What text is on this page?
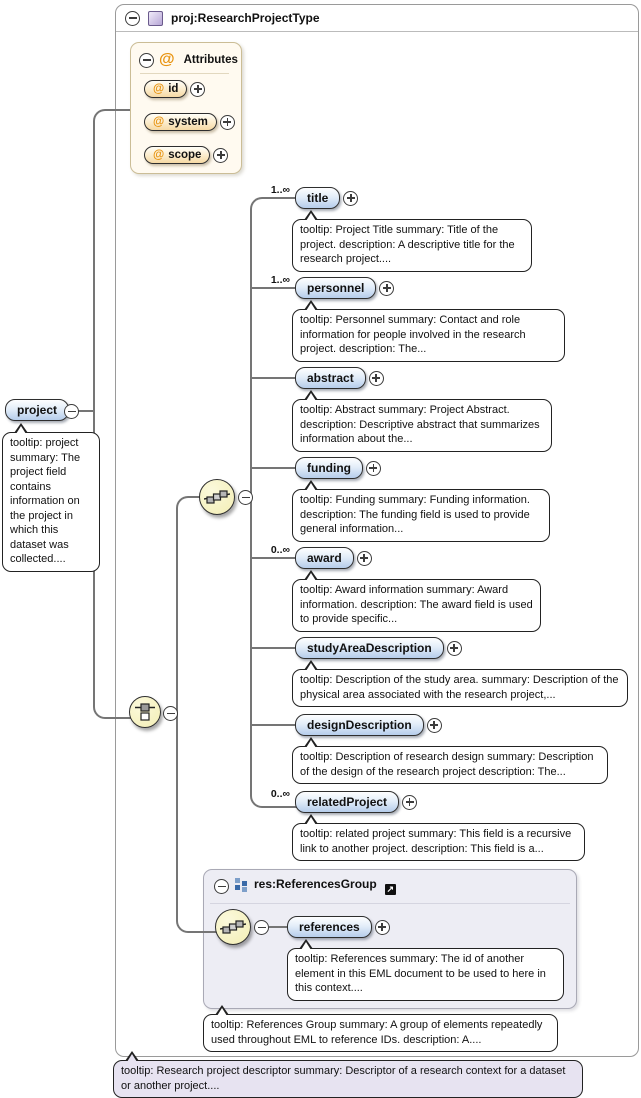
proj:ResearchProjectType
res:ReferencesGroup ↗
@ Attributes
@ id
@ system
@ scope
project
tooltip: project summary: The project field contains information on the project in which this dataset was collected....
1..∞
title
tooltip: Project Title summary: Title of the project. description: A descriptive title for the research project....
1..∞
personnel
tooltip: Personnel summary: Contact and role information for people involved in the research project. description: The...
abstract
tooltip: Abstract summary: Project Abstract. description: Descriptive abstract that summarizes information about the...
funding
tooltip: Funding summary: Funding information. description: The funding field is used to provide general information...
0..∞
award
tooltip: Award information summary: Award information. description: The award field is used to provide specific...
studyAreaDescription
tooltip: Description of the study area. summary: Description of the physical area associated with the research project,...
designDescription
tooltip: Description of research design summary: Description of the design of the research project description: The...
0..∞
relatedProject
tooltip: related project summary: This field is a recursive link to another project. description: This field is a...
references
tooltip: References summary: The id of another element in this EML document to be used to here in this context....
tooltip: References Group summary: A group of elements repeatedly used throughout EML to reference IDs. description: A....
tooltip: Research project descriptor summary: Descriptor of a research context for a dataset or another project....
